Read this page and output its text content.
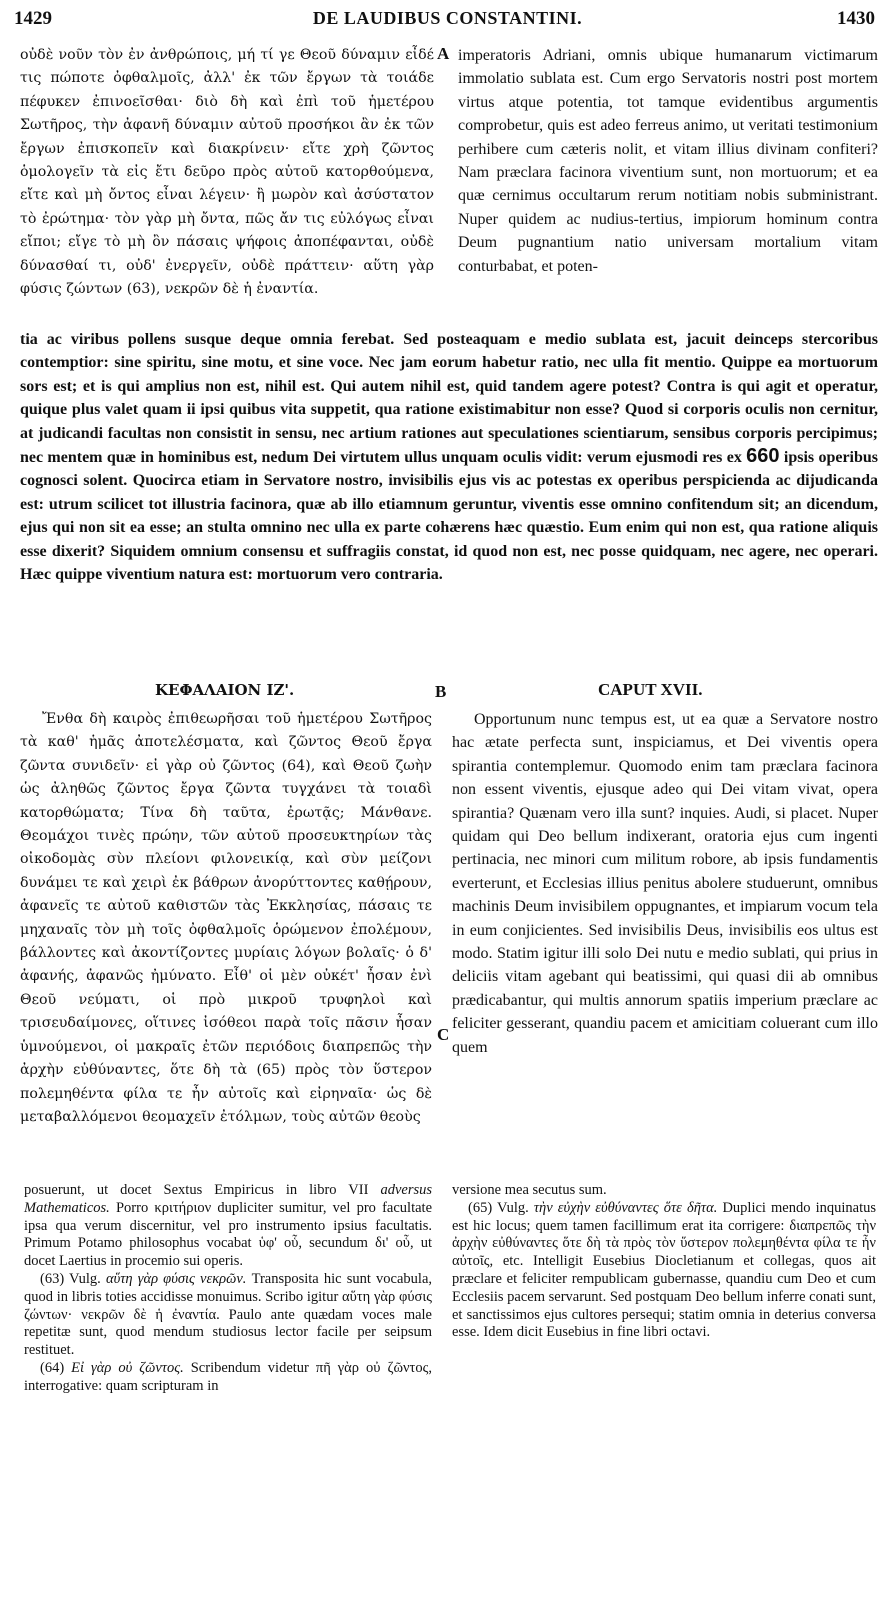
1429	DE LAUDIBUS CONSTANTINI.	1430

οὐδὲ νοῦν τὸν ἐν ἀνθρώποις, μή τί γε Θεοῦ δύναμιν εἶδέ τις πώποτε ὀφθαλμοῖς, ἀλλ' ἐκ τῶν ἔργων τὰ τοιάδε πέφυκεν ἐπινοεῖσθαι· διὸ δὴ καὶ ἐπὶ τοῦ ἡμετέρου Σωτῆρος, τὴν ἀφανῆ δύναμιν αὐτοῦ προσήκοι ἂν ἐκ τῶν ἔργων ἐπισκοπεῖν καὶ διακρίνειν· εἴτε χρὴ ζῶντος ὁμολογεῖν τὰ εἰς ἔτι δεῦρο πρὸς αὐτοῦ κατορθούμενα, εἴτε καὶ μὴ ὄντος εἶναι λέγειν· ἢ μωρὸν καὶ ἀσύστατον τὸ ἐρώτημα· τὸν γὰρ μὴ ὄντα, πῶς ἄν τις εὐλόγως εἶναι εἴποι; εἴγε τὸ μὴ ὂν πάσαις ψήφοις ἀποπέφανται, οὐδὲ δύνασθαί τι, οὐδ' ἐνεργεῖν, οὐδὲ πράττειν· αὕτη γὰρ φύσις ζώντων (63), νεκρῶν δὲ ἡ ἐναντία.

A imperatoris Adriani, omnis ubique humanarum victimarum immolatio sublata est. Cum ergo Servatoris nostri post mortem virtus atque potentia, tot tamque evidentibus argumentis comprobetur, quis est adeo ferreus animo, ut veritati testimonium perhibere cum cæteris nolit, et vitam illius divinam confiteri? Nam præclara facinora viventium sunt, non mortuorum; et ea quæ cernimus occultarum rerum notitiam nobis subministrant. Nuper quidem ac nudius-tertius, impiorum hominum contra Deum pugnantium natio universam mortalium vitam conturbabat, et poten-

tia ac viribus pollens susque deque omnia ferebat. Sed posteaquam e medio sublata est, jacuit deinceps stercoribus contemptior: sine spiritu, sine motu, et sine voce. Nec jam eorum habetur ratio, nec ulla fit mentio. Quippe ea mortuorum sors est; et is qui amplius non est, nihil est. Qui autem nihil est, quid tandem agere potest? Contra is qui agit et operatur, quique plus valet quam ii ipsi quibus vita suppetit, qua ratione existimabitur non esse? Quod si corporis oculis non cernitur, at judicandi facultas non consistit in sensu, nec artium rationes aut speculationes scientiarum, sensibus corporis percipimus; nec mentem quæ in hominibus est, nedum Dei virtutem ullus unquam oculis vidit: verum ejusmodi res ex 660 ipsis operibus cognosci solent. Quocirca etiam in Servatore nostro, invisibilis ejus vis ac potestas ex operibus perspicienda ac dijudicanda est: utrum scilicet tot illustria facinora, quæ ab illo etiamnum geruntur, viventis esse omnino confitendum sit; an dicendum, ejus qui non sit ea esse; an stulta omnino nec ulla ex parte cohærens hæc quæstio. Eum enim qui non est, qua ratione aliquis esse dixerit? Siquidem omnium consensu et suffragiis constat, id quod non est, nec posse quidquam, nec agere, nec operari. Hæc quippe viventium natura est: mortuorum vero contraria.

ΚΕΦΑΛΑΙΟΝ ΙΖ'.	B	CAPUT XVII.

Ἔνθα δὴ καιρὸς ἐπιθεωρῆσαι τοῦ ἡμετέρου Σωτῆρος τὰ καθ' ἡμᾶς ἀποτελέσματα, καὶ ζῶντος Θεοῦ ἔργα ζῶντα συνιδεῖν· εἰ γὰρ οὐ ζῶντος (64), καὶ Θεοῦ ζωὴν ὡς ἀληθῶς ζῶντος ἔργα ζῶντα τυγχάνει τὰ τοιαδὶ κατορθώματα; Τίνα δὴ ταῦτα, ἐρωτᾷς; Μάνθανε. Θεομάχοι τινὲς πρώην, τῶν αὐτοῦ προσευκτηρίων τὰς οἰκοδομὰς σὺν πλείονι φιλονεικίᾳ, καὶ σὺν μείζονι δυνάμει τε καὶ χειρὶ ἐκ βάθρων ἀνορύττοντες καθῄρουν, ἀφανεῖς τε αὐτοῦ καθιστῶν τὰς Ἐκκλησίας, πάσαις τε μηχαναῖς τὸν μὴ τοῖς ὀφθαλμοῖς ὁρώμενον ἐπολέμουν, βάλλοντες καὶ ἀκοντίζοντες μυρίαις λόγων βολαῖς· ὁ δ' ἀφανής, ἀφανῶς ἠμύνατο. Εἶθ' οἱ μὲν οὐκέτ' ἦσαν ἐνὶ Θεοῦ νεύματι, οἱ πρὸ μικροῦ τρυφηλοὶ καὶ τρισευδαίμονες, οἵτινες ἰσόθεοι παρὰ τοῖς πᾶσιν ἦσαν ὑμνούμενοι, οἱ μακραῖς ἐτῶν περιόδοις διαπρεπῶς τὴν ἀρχὴν εὐθύναντες, ὅτε δὴ τὰ (65) πρὸς τὸν ὕστερον πολεμηθέντα φίλα τε ἦν αὐτοῖς καὶ εἰρηναῖα· ὡς δὲ μεταβαλλόμενοι θεομαχεῖν ἐτόλμων, τοὺς αὐτῶν θεοὺς

C

Opportunum nunc tempus est, ut ea quæ a Servatore nostro hac ætate perfecta sunt, inspiciamus, et Dei viventis opera spirantia contemplemur. Quomodo enim tam præclara facinora non essent viventis, ejusque adeo qui Dei vitam vivat, opera spirantia? Quænam vero illa sunt? inquies. Audi, si placet. Nuper quidam qui Deo bellum indixerant, oratoria ejus cum ingenti pertinacia, nec minori cum militum robore, ab ipsis fundamentis everterunt, et Ecclesias illius penitus abolere studuerunt, omnibus machinis Deum invisibilem oppugnantes, et impiarum vocum tela in eum conjicientes. Sed invisibilis Deus, invisibilis eos ultus est modo. Statim igitur illi solo Dei nutu e medio sublati, qui prius in deliciis vitam agebant qui beatissimi, qui quasi dii ab omnibus prædicabantur, qui multis annorum spatiis imperium præclare ac feliciter gesserant, quandiu pacem et amicitiam coluerant cum illo quem

posuerunt, ut docet Sextus Empiricus in libro VII adversus Mathematicos. Porro κριτήριον dupliciter sumitur, vel pro facultate ipsa qua verum discernitur, vel pro instrumento ipsius facultatis. Primum Potamo philosophus vocabat ὑφ' οὗ, secundum δι' οὗ, ut docet Laertius in procemio sui operis.

(63) Vulg. αὕτη γὰρ φύσις νεκρῶν. Transposita hic sunt vocabula, quod in libris toties accidisse monuimus. Scribo igitur αὕτη γὰρ φύσις ζώντων· νεκρῶν δὲ ἡ ἐναντία. Paulo ante quædam voces male repetitæ sunt, quod mendum studiosus lector facile per seipsum restituet.

(64) Εἰ γὰρ οὐ ζῶντος. Scribendum videtur πῆ γὰρ οὐ ζῶντος, interrogative: quam scripturam in

versione mea secutus sum.

(65) Vulg. τὴν εὐχὴν εὐθύναντες ὅτε δῆτα. Duplici mendo inquinatus est hic locus; quem tamen facillimum erat ita corrigere: διαπρεπῶς τὴν ἀρχὴν εὐθύναντες ὅτε δὴ τὰ πρὸς τὸν ὕστερον πολεμηθέντα φίλα τε ἦν αὐτοῖς, etc. Intelligit Eusebius Diocletianum et collegas, quos ait præclare et feliciter rempublicam gubernasse, quandiu cum Deo et cum Ecclesiis pacem servarunt. Sed postquam Deo bellum inferre conati sunt, et sanctissimos ejus cultores persequi; statim omnia in deterius conversa esse. Idem dicit Eusebius in fine libri octavi.
